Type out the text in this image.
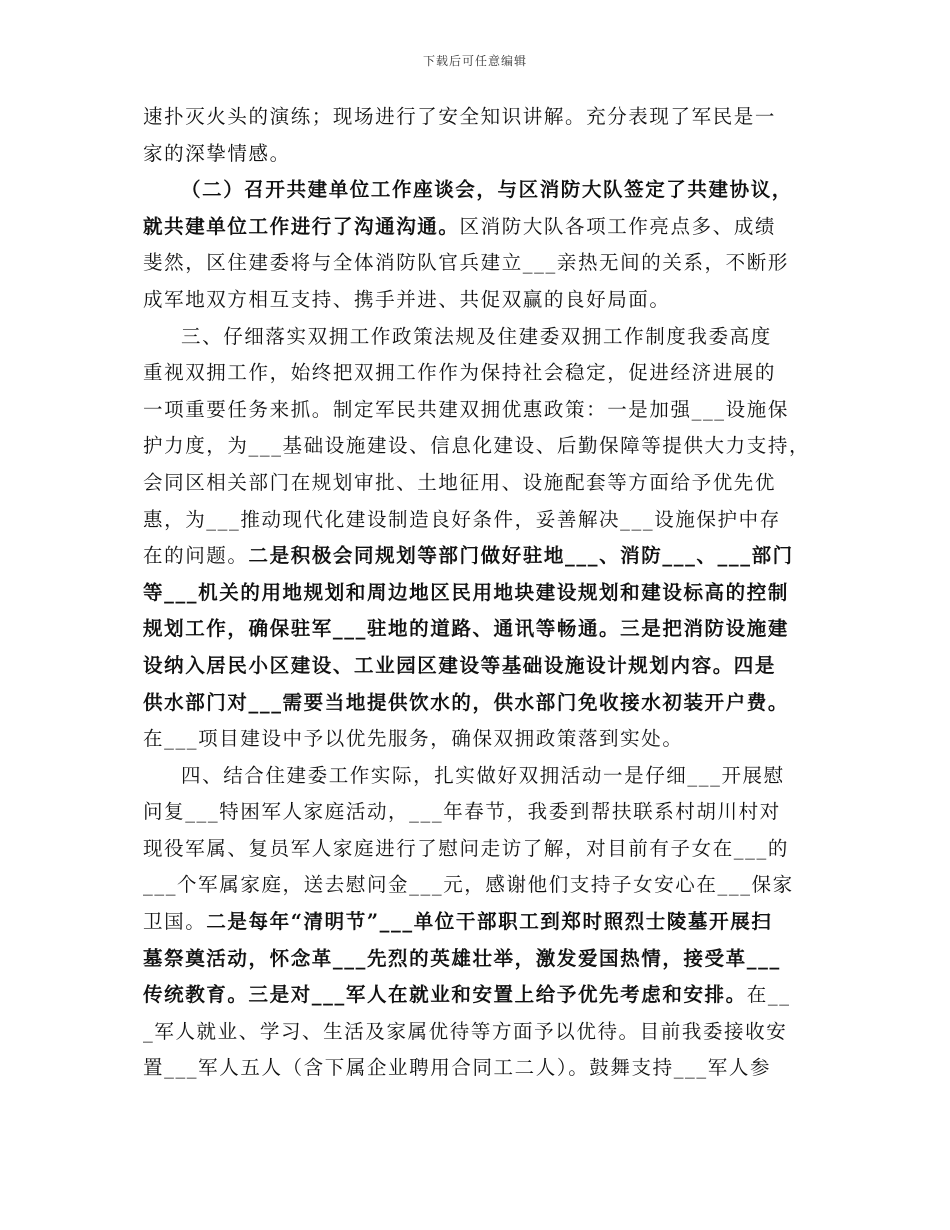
下载后可任意编辑
速扑灭火头的演练；现场进行了安全知识讲解。充分表现了军民是一
家的深挚情感。
（二）召开共建单位工作座谈会，与区消防大队签定了共建协议，
就共建单位工作进行了沟通沟通。区消防大队各项工作亮点多、成绩
斐然，区住建委将与全体消防队官兵建立___亲热无间的关系，不断形
成军地双方相互支持、携手并进、共促双赢的良好局面。
三、仔细落实双拥工作政策法规及住建委双拥工作制度我委高度
重视双拥工作，始终把双拥工作作为保持社会稳定，促进经济进展的
一项重要任务来抓。制定军民共建双拥优惠政策：一是加强___设施保
护力度，为___基础设施建设、信息化建设、后勤保障等提供大力支持，
会同区相关部门在规划审批、土地征用、设施配套等方面给予优先优
惠，为___推动现代化建设制造良好条件，妥善解决___设施保护中存
在的问题。二是积极会同规划等部门做好驻地___、消防___、___部门
等___机关的用地规划和周边地区民用地块建设规划和建设标高的控制
规划工作，确保驻军___驻地的道路、通讯等畅通。三是把消防设施建
设纳入居民小区建设、工业园区建设等基础设施设计规划内容。四是
供水部门对___需要当地提供饮水的，供水部门免收接水初装开户费。
在___项目建设中予以优先服务，确保双拥政策落到实处。
四、结合住建委工作实际，扎实做好双拥活动一是仔细___开展慰
问复___特困军人家庭活动，___年春节，我委到帮扶联系村胡川村对
现役军属、复员军人家庭进行了慰问走访了解，对目前有子女在___的
___个军属家庭，送去慰问金___元，感谢他们支持子女安心在___保家
卫国。二是每年“清明节”___单位干部职工到郑时照烈士陵墓开展扫
墓祭奠活动，怀念革___先烈的英雄壮举，激发爱国热情，接受革___
传统教育。三是对___军人在就业和安置上给予优先考虑和安排。在__
_军人就业、学习、生活及家属优待等方面予以优待。目前我委接收安
置___军人五人（含下属企业聘用合同工二人）。鼓舞支持___军人参
